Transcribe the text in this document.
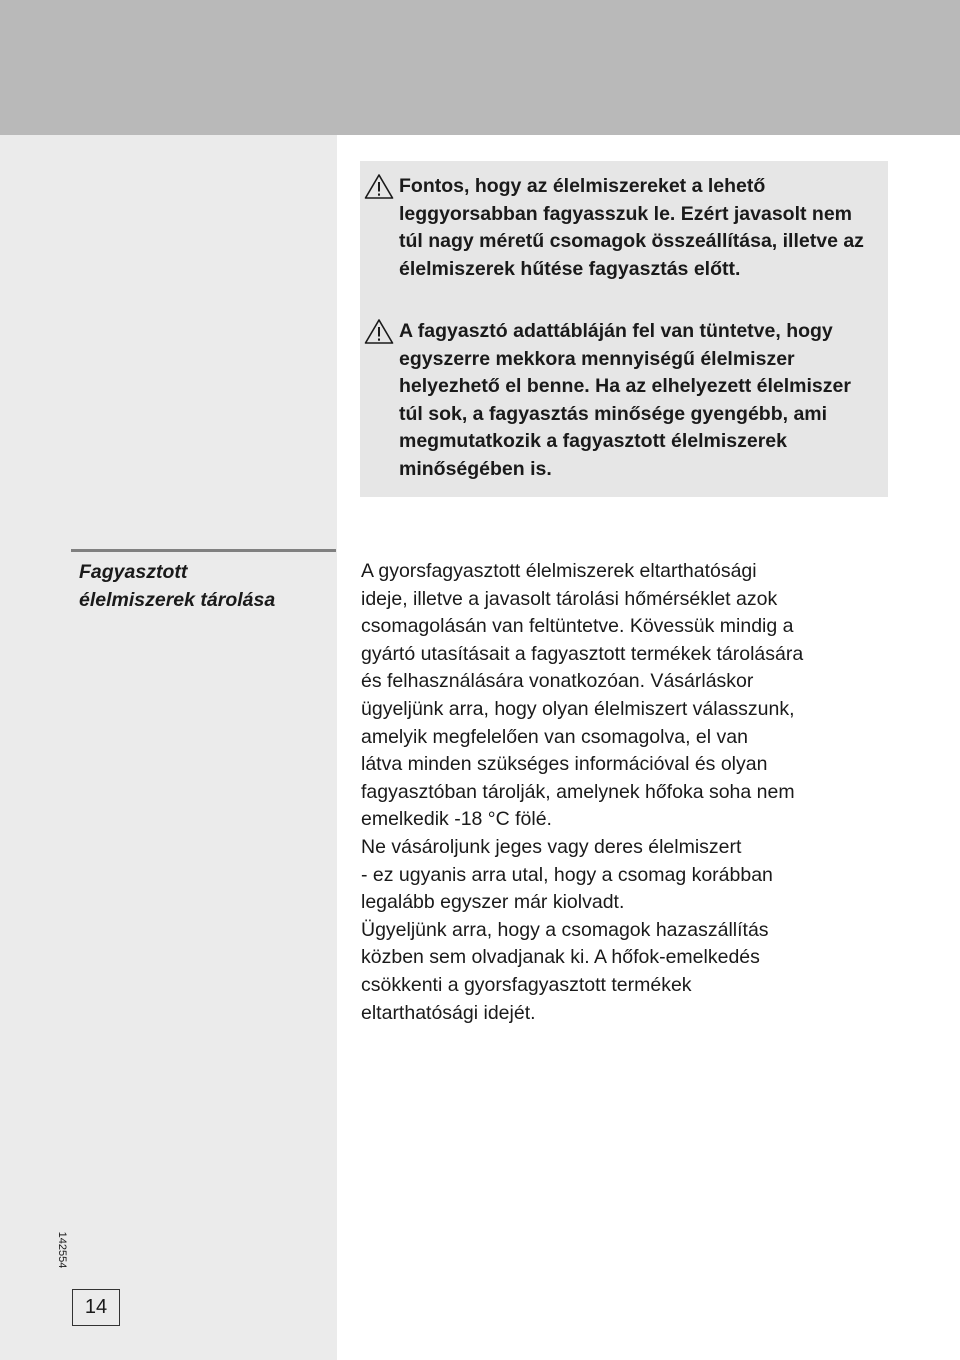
Fontos, hogy az élelmiszereket a lehető leggyorsabban fagyasszuk le. Ezért javasolt nem túl nagy méretű csomagok összeállítása, illetve az élelmiszerek hűtése fagyasztás előtt.

A fagyasztó adattábláján fel van tüntetve, hogy egyszerre mekkora mennyiségű élelmiszer helyezhető el benne. Ha az elhelyezett élelmiszer túl sok, a fagyasztás minősége gyengébb, ami megmutatkozik a fagyasztott élelmiszerek minőségében is.

Fagyasztott
élelmiszerek tárolása
A gyorsfagyasztott élelmiszerek eltarthatósági
ideje, illetve a javasolt tárolási hőmérséklet azok
csomagolásán van feltüntetve. Kövessük mindig a
gyártó utasításait a fagyasztott termékek tárolására
és felhasználására vonatkozóan. Vásárláskor
ügyeljünk arra, hogy olyan élelmiszert válasszunk,
amelyik megfelelően van csomagolva, el van
látva minden szükséges információval és olyan
fagyasztóban tárolják, amelynek hőfoka soha nem
emelkedik -18 °C fölé.
Ne vásároljunk jeges vagy deres élelmiszert
- ez ugyanis arra utal, hogy a csomag korábban
legalább egyszer már kiolvadt.
Ügyeljünk arra, hogy a csomagok hazaszállítás
közben sem olvadjanak ki. A hőfok-emelkedés
csökkenti a gyorsfagyasztott termékek
eltarthatósági idejét.
142554
14
